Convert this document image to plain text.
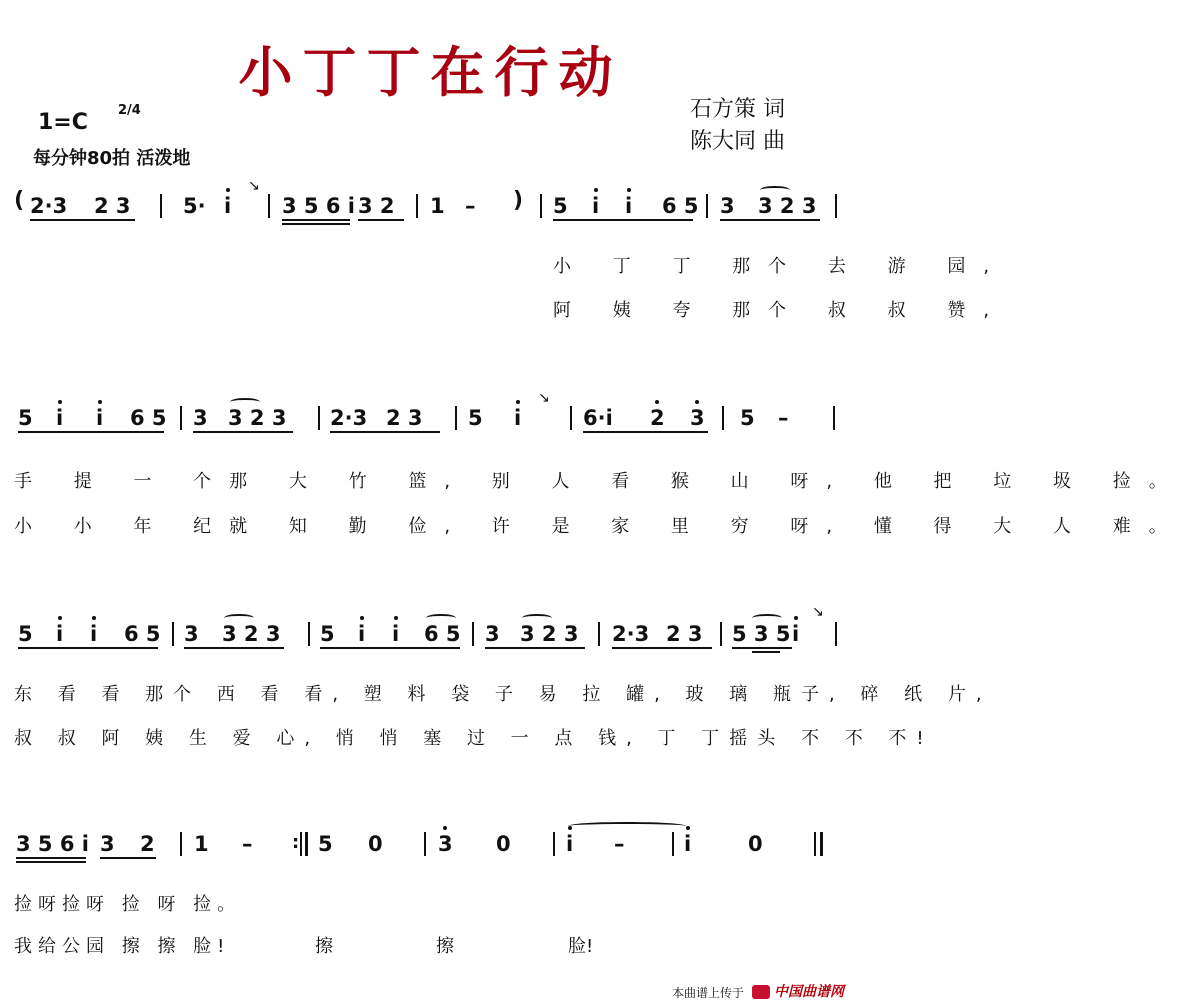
小丁丁在行动
石方策 词
陈大同 曲
1=C 2/4
每分钟80拍 活泼地
( 2·3 2 3 5· i
↘
3 5 6 i 3 2 1 – ) 5 i i 6 5 3 3 2 3
小 丁 丁 那个 去 游 园,
阿 姨 夸 那个 叔 叔 赞,
5 i i 6 5 3 3 2 3 2·3 2 3 5 i
↘
6·i 2 3 5 –
手 提 一 个那 大 竹 篮, 别 人 看 猴 山 呀, 他 把 垃 圾 捡。
小 小 年 纪就 知 勤 俭, 许 是 家 里 穷 呀, 懂 得 大 人 难。
5 i i 6 5 3 3 2 3 5 i i 6 5 3 3 2 3 2·3 2 3 5 3 5 i
↘
东 看 看 那个 西 看 看, 塑 料 袋 子 易 拉 罐, 玻 璃 瓶子, 碎 纸 片,
叔 叔 阿 姨 生 爱 心, 悄 悄 塞 过 一 点 钱, 丁 丁摇头 不 不 不!
3 5 6 i 3 2 1 – : 5 0	3 0	i –	i	0
捡呀捡呀 捡 呀 捡。
我给公园 擦 擦 脸!	擦	擦	脸!
本曲谱上传于	中国曲谱网
